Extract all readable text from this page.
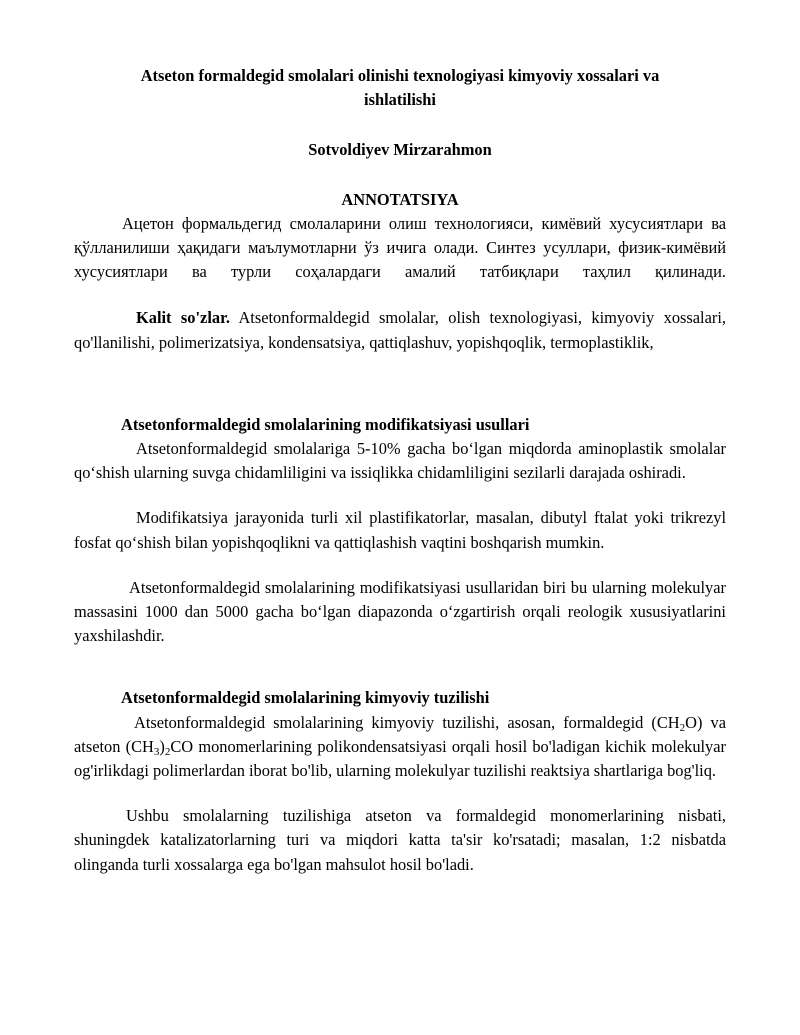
Atseton formaldegid smolalari olinishi texnologiyasi kimyoviy xossalari va ishlatilishi
Sotvoldiyev Mirzarahmon
ANNOTATSIYA

Ацетон формальдегид смолаларини олиш технологияси, кимёвий хусусиятлари ва қўлланилиши ҳақидаги маълумотларни ўз ичига олади. Синтез усуллари, физик-кимёвий хусусиятлари ва турли соҳалардаги амалий татбиқлари таҳлил қилинади.

Kalit so'zlar. Atsetonformaldegid smolalar, olish texnologiyasi, kimyoviy xossalari, qo'llanilishi, polimerizatsiya, kondensatsiya, qattiqlashuv, yopishqoqlik, termoplastiklik,

Atsetonformaldegid smolalarining modifikatsiyasi usullari

Atsetonformaldegid smolalariga 5-10% gacha boʻlgan miqdorda aminoplastik smolalar qoʻshish ularning suvga chidamliligini va issiqlikka chidamliligini sezilarli darajada oshiradi.

Modifikatsiya jarayonida turli xil plastifikatorlar, masalan, dibutyl ftalat yoki trikrezyl fosfat qoʻshish bilan yopishqoqlikni va qattiqlashish vaqtini boshqarish mumkin.

Atsetonformaldegid smolalarining modifikatsiyasi usullaridan biri bu ularning molekulyar massasini 1000 dan 5000 gacha boʻlgan diapazonda oʻzgartirish orqali reologik xususiyatlarini yaxshilashdir.

Atsetonformaldegid smolalarining kimyoviy tuzilishi

Atsetonformaldegid smolalarining kimyoviy tuzilishi, asosan, formaldegid $(CH_2O)$ va atseton $(CH_3)_2CO$ monomerlarining polikondensatsiyasi orqali hosil bo'ladigan kichik molekulyar og'irlikdagi polimerlardan iborat bo'lib, ularning molekulyar tuzilishi reaktsiya shartlariga bog'liq.

Ushbu smolalarning tuzilishiga atseton va formaldegid monomerlarining nisbati, shuningdek katalizatorlarning turi va miqdori katta ta'sir ko'rsatadi; masalan, 1:2 nisbatda olinganda turli xossalarga ega bo'lgan mahsulot hosil bo'ladi.
